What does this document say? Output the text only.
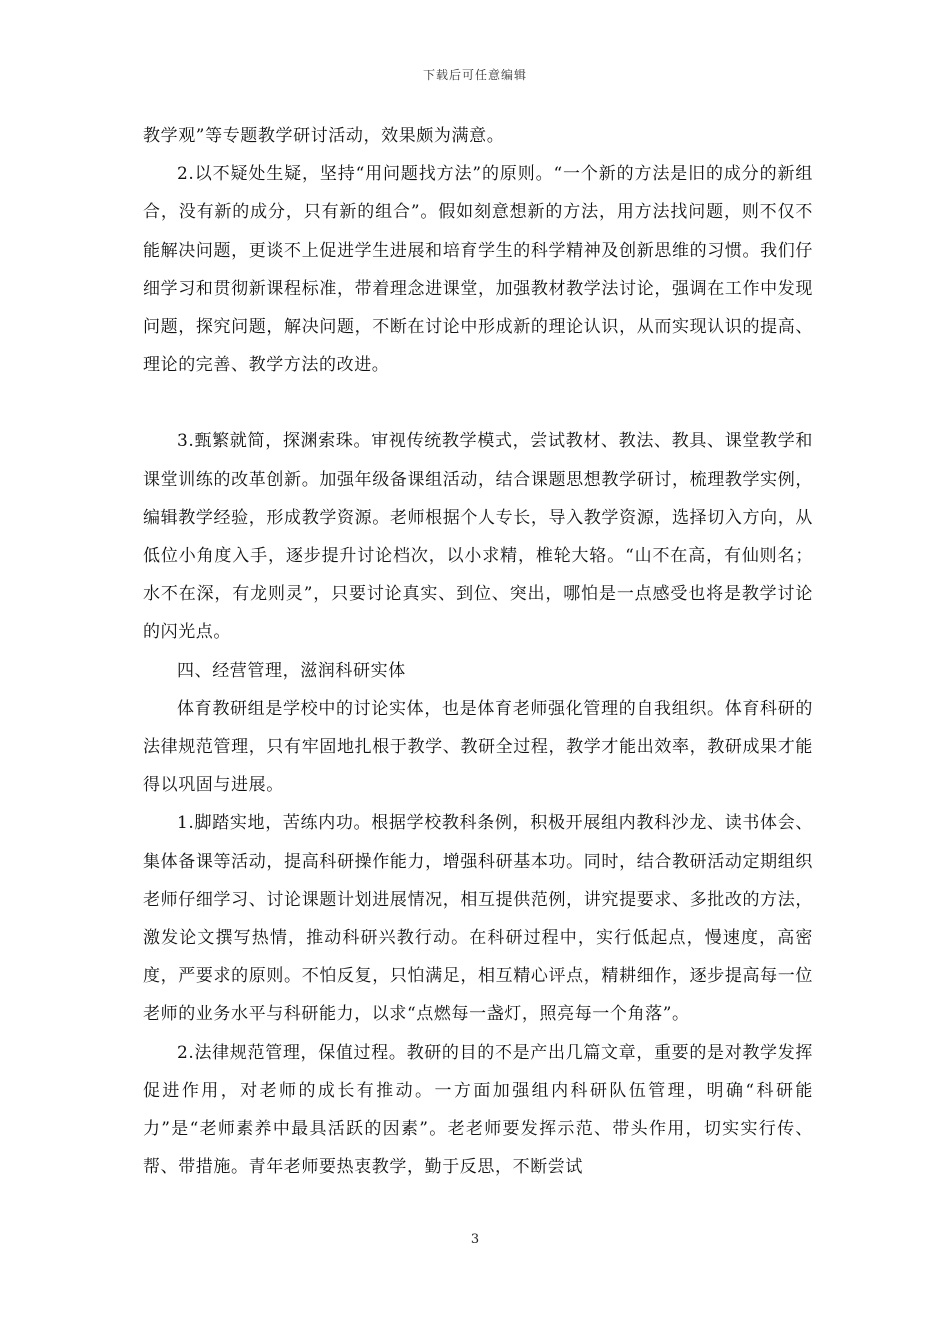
下载后可任意编辑

教学观”等专题教学研讨活动，效果颇为满意。

2.以不疑处生疑，坚持“用问题找方法”的原则。“一个新的方法是旧的成分的新组合，没有新的成分，只有新的组合”。假如刻意想新的方法，用方法找问题，则不仅不能解决问题，更谈不上促进学生进展和培育学生的科学精神及创新思维的习惯。我们仔细学习和贯彻新课程标准，带着理念进课堂，加强教材教学法讨论，强调在工作中发现问题，探究问题，解决问题，不断在讨论中形成新的理论认识，从而实现认识的提高、理论的完善、教学方法的改进。

3.甄繁就简，探渊索珠。审视传统教学模式，尝试教材、教法、教具、课堂教学和课堂训练的改革创新。加强年级备课组活动，结合课题思想教学研讨，梳理教学实例，编辑教学经验，形成教学资源。老师根据个人专长，导入教学资源，选择切入方向，从低位小角度入手，逐步提升讨论档次，以小求精，椎轮大辂。“山不在高，有仙则名；水不在深，有龙则灵”，只要讨论真实、到位、突出，哪怕是一点感受也将是教学讨论的闪光点。

四、经营管理，滋润科研实体

体育教研组是学校中的讨论实体，也是体育老师强化管理的自我组织。体育科研的法律规范管理，只有牢固地扎根于教学、教研全过程，教学才能出效率，教研成果才能得以巩固与进展。

1.脚踏实地，苦练内功。根据学校教科条例，积极开展组内教科沙龙、读书体会、集体备课等活动，提高科研操作能力，增强科研基本功。同时，结合教研活动定期组织老师仔细学习、讨论课题计划进展情况，相互提供范例，讲究提要求、多批改的方法，激发论文撰写热情，推动科研兴教行动。在科研过程中，实行低起点，慢速度，高密度，严要求的原则。不怕反复，只怕满足，相互精心评点，精耕细作，逐步提高每一位老师的业务水平与科研能力，以求“点燃每一盏灯，照亮每一个角落”。

2.法律规范管理，保值过程。教研的目的不是产出几篇文章，重要的是对教学发挥促进作用，对老师的成长有推动。一方面加强组内科研队伍管理，明确“科研能力”是“老师素养中最具活跃的因素”。老老师要发挥示范、带头作用，切实实行传、帮、带措施。青年老师要热衷教学，勤于反思，不断尝试

3
